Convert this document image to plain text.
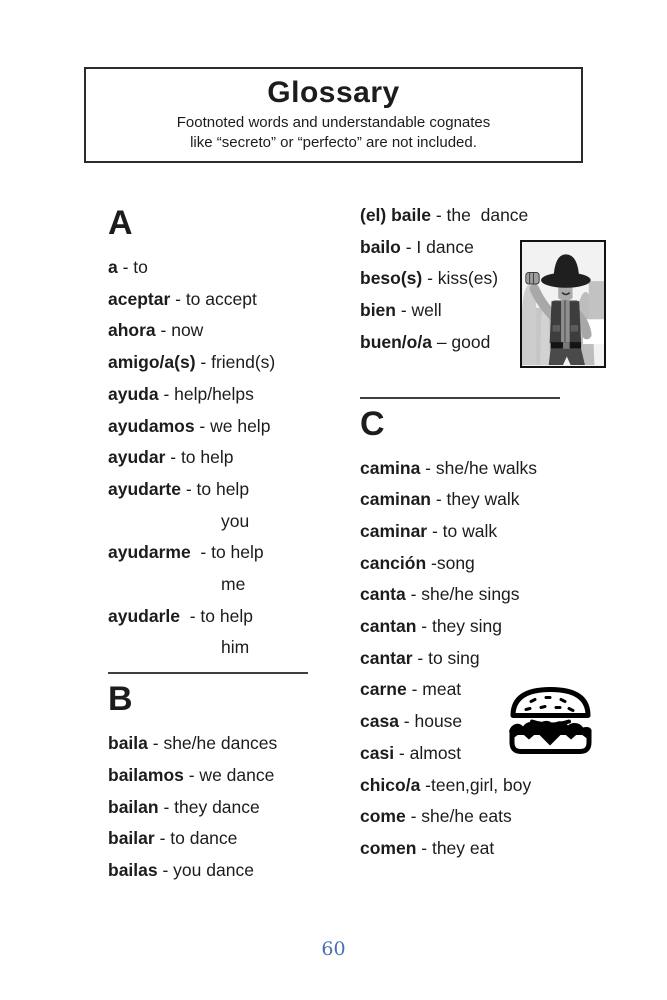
Glossary
Footnoted words and understandable cognates
like “secreto” or “perfecto” are not included.
A
a - to
aceptar - to accept
ahora - now
amigo/a(s) - friend(s)
ayuda - help/helps
ayudamos - we help
ayudar - to help
ayudarte - to help
you
ayudarme  - to help
me
ayudarle  - to help
him
B
baila - she/he dances
bailamos - we dance
bailan - they dance
bailar - to dance
bailas - you dance
(el) baile - the  dance
bailo - I dance
beso(s) - kiss(es)
bien - well
buen/o/a – good
C
camina - she/he walks
caminan - they walk
caminar - to walk
canción -song
canta - she/he sings
cantan - they sing
cantar - to sing
carne - meat
casa - house
casi - almost
chico/a -teen,girl, boy
come - she/he eats
comen - they eat
60
